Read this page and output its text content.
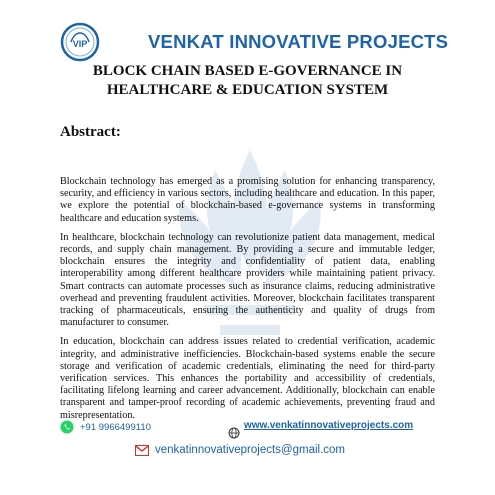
VIP	VENKAT INNOVATIVE PROJECTS
BLOCK CHAIN BASED E-GOVERNANCE IN
HEALTHCARE & EDUCATION SYSTEM
Abstract:

Blockchain technology has emerged as a promising solution for enhancing transparency, security, and efficiency in various sectors, including healthcare and education. In this paper, we explore the potential of blockchain-based e-governance systems in transforming healthcare and education systems.

In healthcare, blockchain technology can revolutionize patient data management, medical records, and supply chain management. By providing a secure and immutable ledger, blockchain ensures the integrity and confidentiality of patient data, enabling interoperability among different healthcare providers while maintaining patient privacy. Smart contracts can automate processes such as insurance claims, reducing administrative overhead and preventing fraudulent activities. Moreover, blockchain facilitates transparent tracking of pharmaceuticals, ensuring the authenticity and quality of drugs from manufacturer to consumer.

In education, blockchain can address issues related to credential verification, academic integrity, and administrative inefficiencies. Blockchain-based systems enable the secure storage and verification of academic credentials, eliminating the need for third-party verification services. This enhances the portability and accessibility of credentials, facilitating lifelong learning and career advancement. Additionally, blockchain can enable transparent and tamper-proof recording of academic achievements, preventing fraud and misrepresentation.

+91 9966499110	www.venkatinnovativeprojects.com
venkatinnovativeprojects@gmail.com
